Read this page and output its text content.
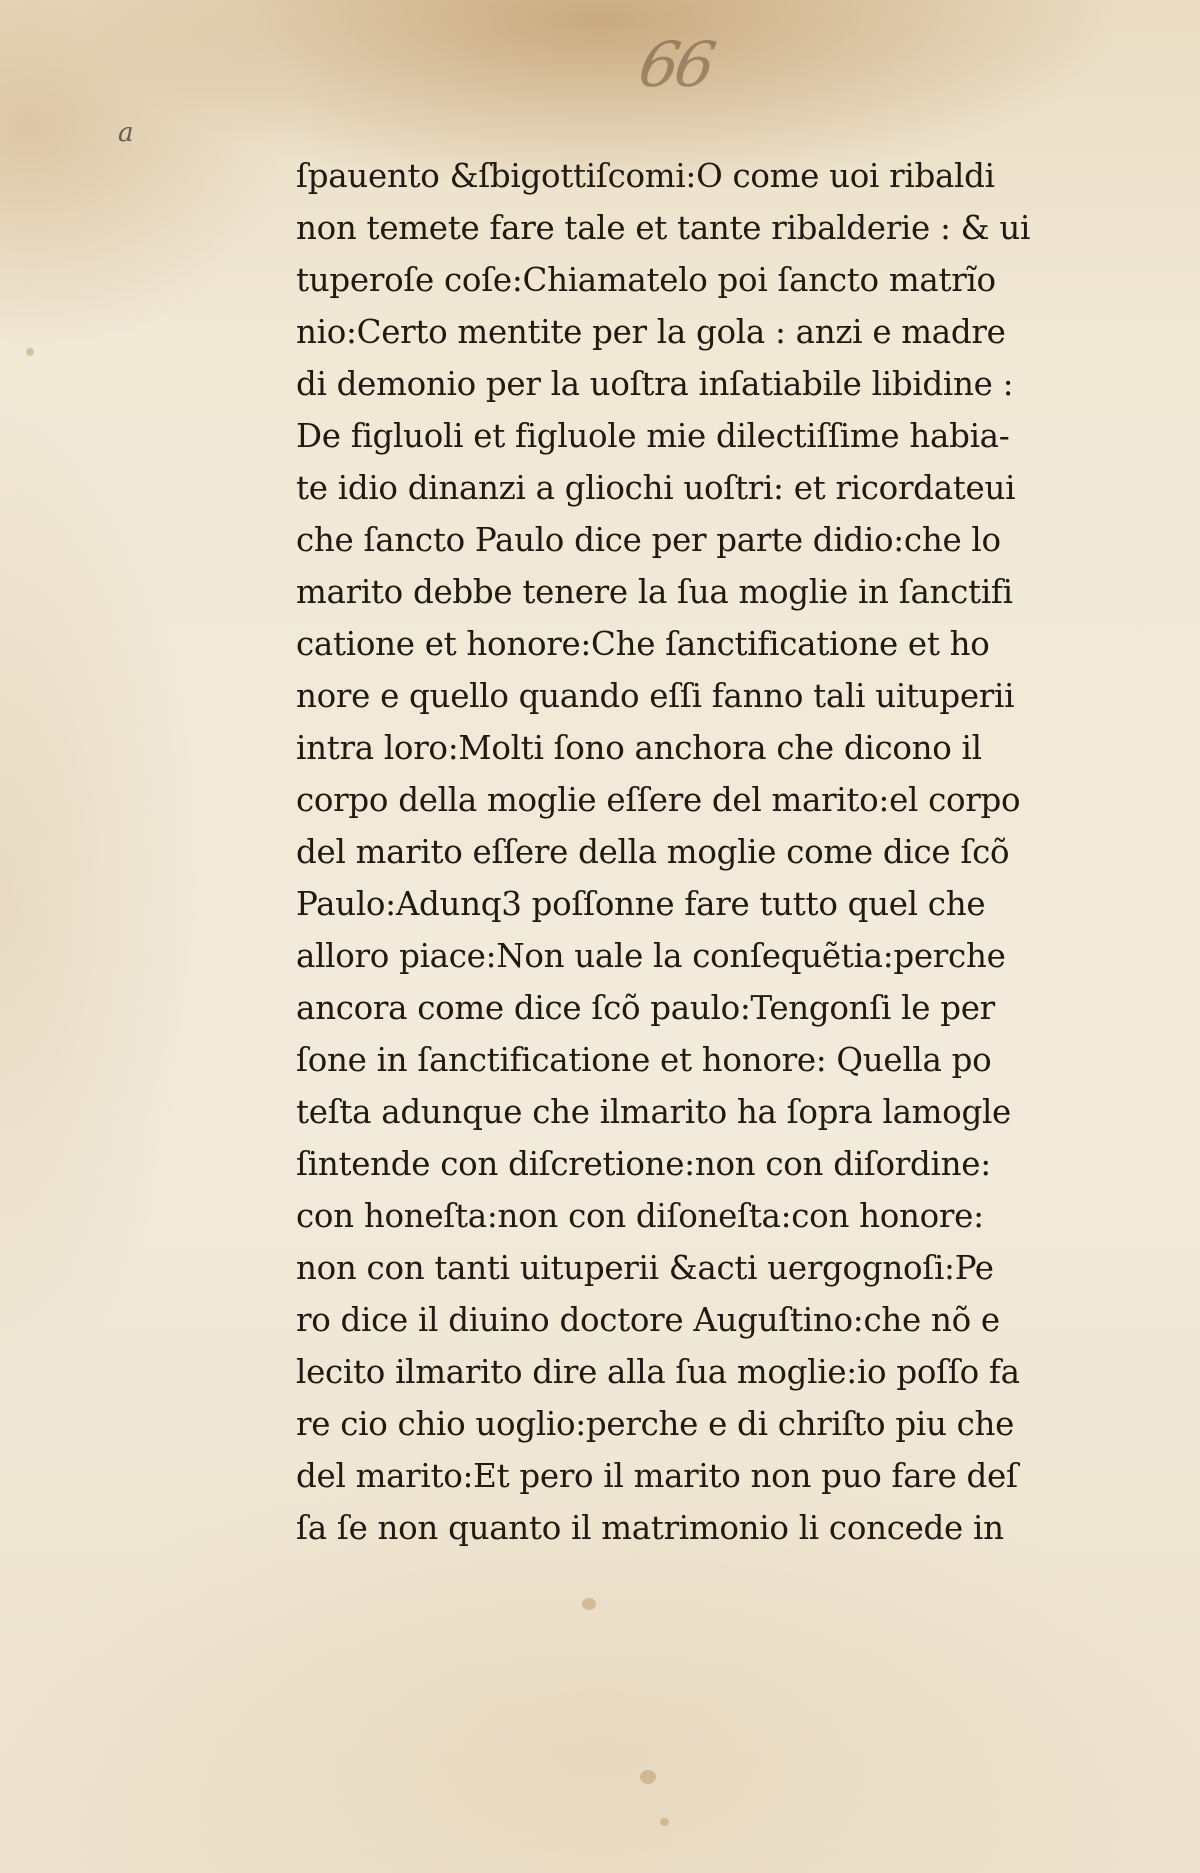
66
a
ſpauento &ſbigottiſcomi:O come uoi ribaldi
non temete fare tale et tante ribalderie : & ui
tuperoſe coſe:Chiamatelo poi ſancto matrĩo
nio:Certo mentite per la gola : anzi e madre
di demonio per la uoſtra inſatiabile libidine :
De figluoli et figluole mie dilectiſſime habia-
te idio dinanzi a gliochi uoſtri: et ricordateui
che ſancto Paulo dice per parte didio:che lo
marito debbe tenere la ſua moglie in ſanctifi
catione et honore:Che ſanctificatione et ho
nore e quello quando eſſi fanno tali uituperii
intra loro:Molti ſono anchora che dicono il
corpo della moglie eſſere del marito:el corpo
del marito eſſere della moglie come dice ſcõ
Paulo:Adunq3 poſſonne fare tutto quel che
alloro piace:Non uale la conſequẽtia:perche
ancora come dice ſcõ paulo:Tengonſi le per
ſone in ſanctificatione et honore: Quella po
teſta adunque che ilmarito ha ſopra lamogle
ſintende con diſcretione:non con diſordine:
con honeſta:non con diſoneſta:con honore:
non con tanti uituperii &acti uergognoſi:Pe
ro dice il diuino doctore Auguſtino:che nõ e
lecito ilmarito dire alla ſua moglie:io poſſo fa
re cio chio uoglio:perche e di chriſto piu che
del marito:Et pero il marito non puo fare deſ
ſa ſe non quanto il matrimonio li concede in
